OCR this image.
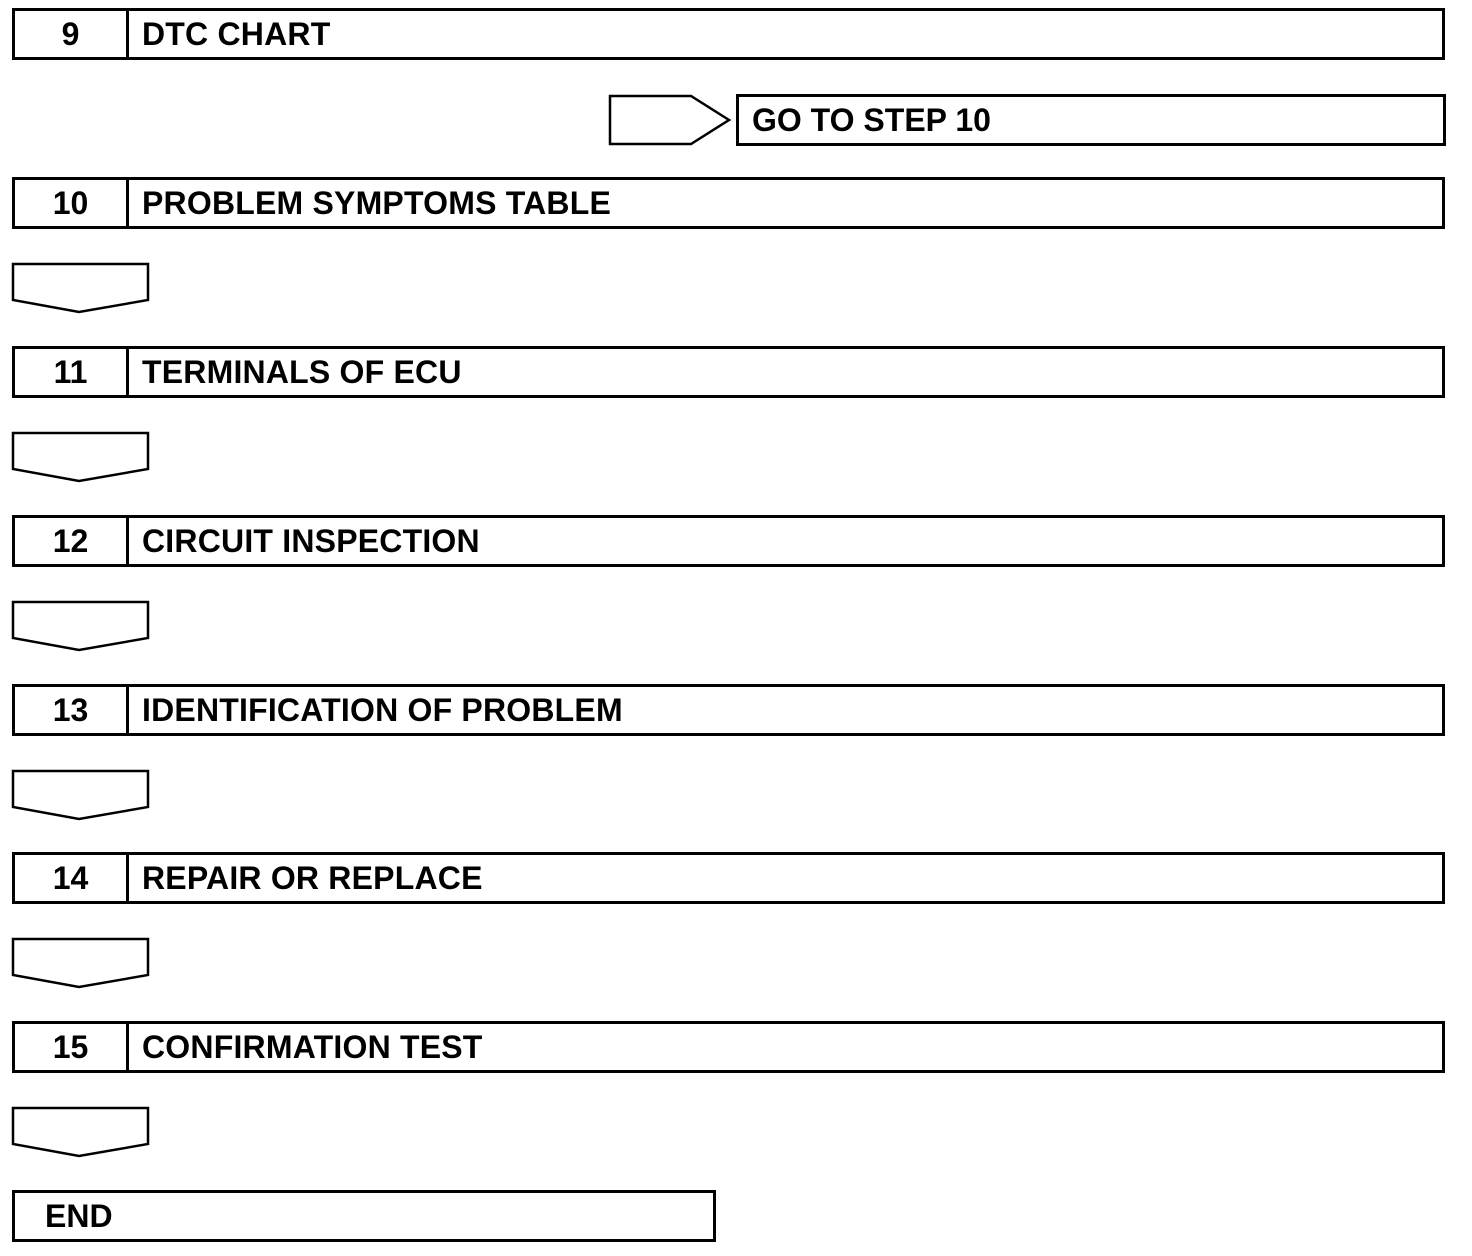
9	DTC CHART
GO TO STEP 10
10	PROBLEM SYMPTOMS TABLE
11	TERMINALS OF ECU
12	CIRCUIT INSPECTION
13	IDENTIFICATION OF PROBLEM
14	REPAIR OR REPLACE
15	CONFIRMATION TEST
END
